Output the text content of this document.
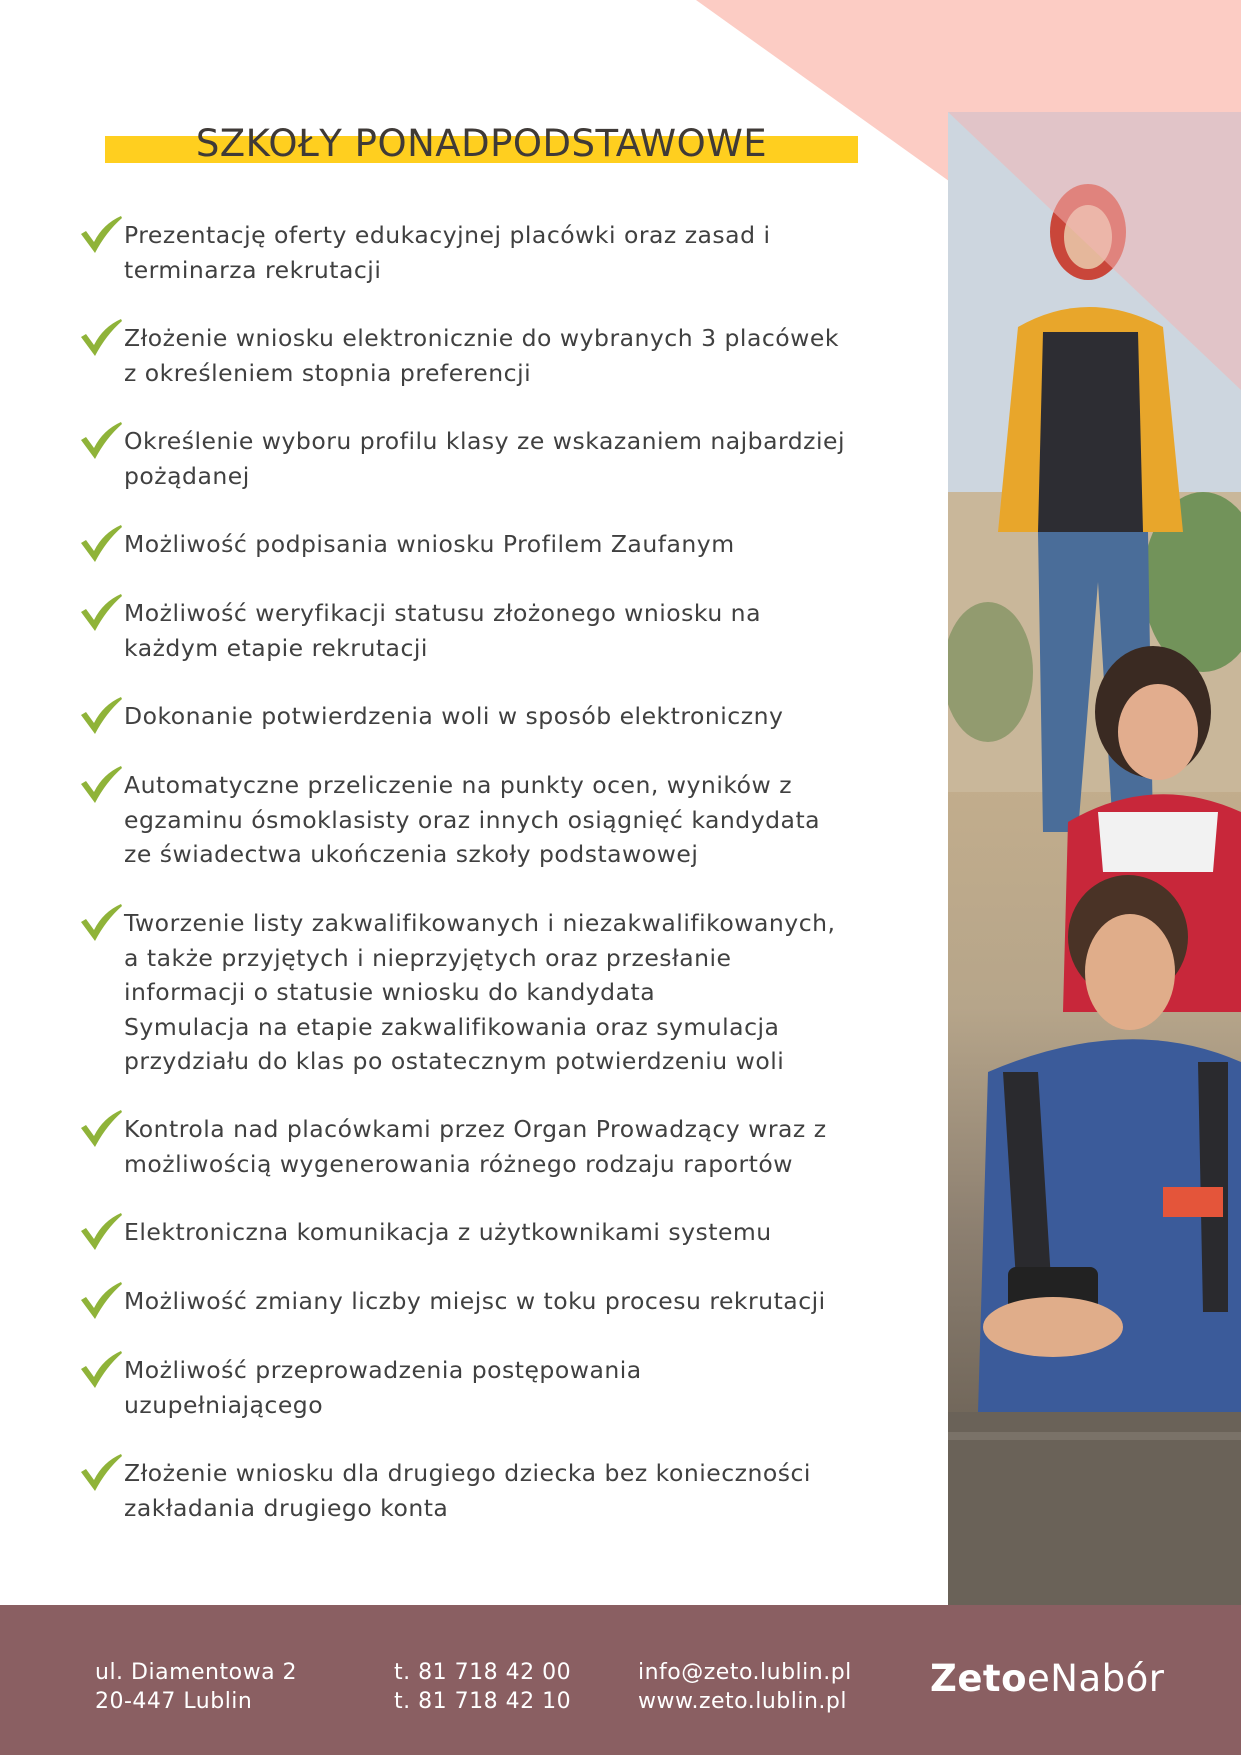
SZKOŁY PONADPODSTAWOWE
Prezentację oferty edukacyjnej placówki oraz zasad i
terminarza rekrutacji
Złożenie wniosku elektronicznie do wybranych 3 placówek
z określeniem stopnia preferencji
Określenie wyboru profilu klasy ze wskazaniem najbardziej
pożądanej
Możliwość podpisania wniosku Profilem Zaufanym
Możliwość weryfikacji statusu złożonego wniosku na
każdym etapie rekrutacji
Dokonanie potwierdzenia woli w sposób elektroniczny
Automatyczne przeliczenie na punkty ocen, wyników z
egzaminu ósmoklasisty oraz innych osiągnięć kandydata
ze świadectwa ukończenia szkoły podstawowej
Tworzenie listy zakwalifikowanych i niezakwalifikowanych,
a także przyjętych i nieprzyjętych oraz przesłanie
informacji o statusie wniosku do kandydata
Symulacja na etapie zakwalifikowania oraz symulacja
przydziału do klas po ostatecznym potwierdzeniu woli
Kontrola nad placówkami przez Organ Prowadzący wraz z
możliwością wygenerowania różnego rodzaju raportów
Elektroniczna komunikacja z użytkownikami systemu
Możliwość zmiany liczby miejsc w toku procesu rekrutacji
Możliwość przeprowadzenia postępowania
uzupełniającego
Złożenie wniosku dla drugiego dziecka bez konieczności
zakładania drugiego konta
ul. Diamentowa 2
20-447 Lublin
t. 81 718 42 00
t. 81 718 42 10
info@zeto.lublin.pl
www.zeto.lublin.pl
ZetoeNabór
